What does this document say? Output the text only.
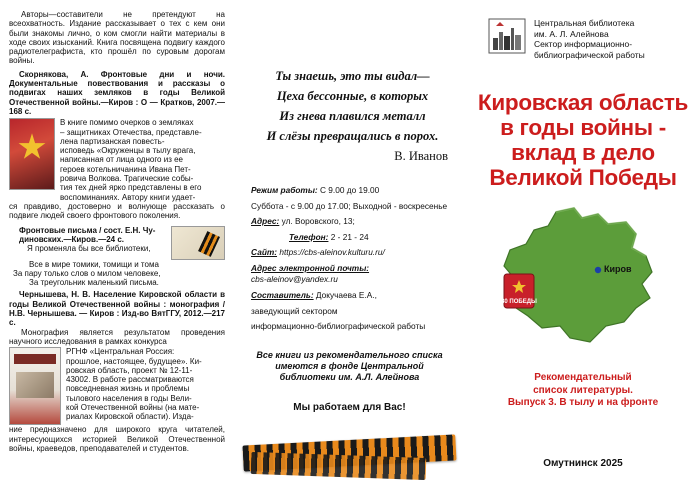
Авторы—составители не претендуют на всеохватность. Издание рассказывает о тех с кем они были знакомы лично, о ком смогли найти материалы в ходе своих изысканий. Книга посвящена подвигу каждого радиотелеграфиста, кто прошёл по суровым дорогам войны.

Скорнякова, А. Фронтовые дни и ночи. Документальные повествования и рассказы о подвигах наших земляков в годы Великой Отечественной войны.—Киров : О — Кратков, 2007.—168 с.

В книге помимо очерков о земляках

– защитниках Отечества, представле-

лена партизанская повесть-

исповедь «Окруженцы в тылу врага,

написанная от лица одного из ее

героев котельничанина Ивана Пет-

ровича Волкова. Трагические собы-

тия тех дней ярко представлены в его

воспоминаниях. Автору книги удает-

ся правдиво, достоверно и волнующе рассказать о подвиге людей своего фронтового поколения.

Фронтовые письма / сост. Е.Н. Чу-

диновских.—Киров.—24 с.

Я променяла бы все библиотеки,

Все в мире томики, томищи и тома

За пару только слов о милом человеке,

За треугольник маленький письма.

Чернышева, Н. В. Население Кировской области в годы Великой Отечественной войны : монография / Н.В. Чернышева. — Киров : Изд-во ВятГГУ, 2012.—217 с.

Монография является результатом проведения научного исследования в рамках конкурса

РГНФ «Центральная Россия:

прошлое, настоящее, будущее». Ки-

ровская область, проект № 12-11-

43002. В работе рассматриваются

повседневная жизнь и проблемы

тылового населения в годы Вели-

кой Отечественной войны (на мате-

риалах Кировской области). Изда-

ние предназначено для широкого круга читателей, интересующихся историей Великой Отечественной войны, краеведов, преподавателей и студентов.

Ты знаешь, это ты видал—

Цеха бессонные, в которых

Из гнева плавился металл

И слёзы превращались в порох.

В. Иванов

Режим работы: С 9.00 до 19.00

Суббота - с 9.00 до 17.00; Выходной - воскресенье

Адрес: ул. Воровского, 13;

Телефон: 2 - 21 - 24

Сайт: https://cbs-aleinov.kulturu.ru/

Адрес электронной почты:
cbs-aleinov@yandex.ru

Составитель: Докучаева Е.А.,

заведующий сектором

информационно-библиографической работы

Все книги из рекомендательного списка имеются в фонде Центральной библиотеки им. А.Л. Алейнова

Мы работаем для Вас!

Центральная библиотека

им. А. Л. Алейнова

Сектор информационно-

библиографической работы

Кировская область

в годы войны -

вклад в дело

Великой Победы

80 ПОБЕДЫ
Киров

Рекомендательный

список литературы.

Выпуск 3. В тылу и на фронте

Омутнинск 2025
